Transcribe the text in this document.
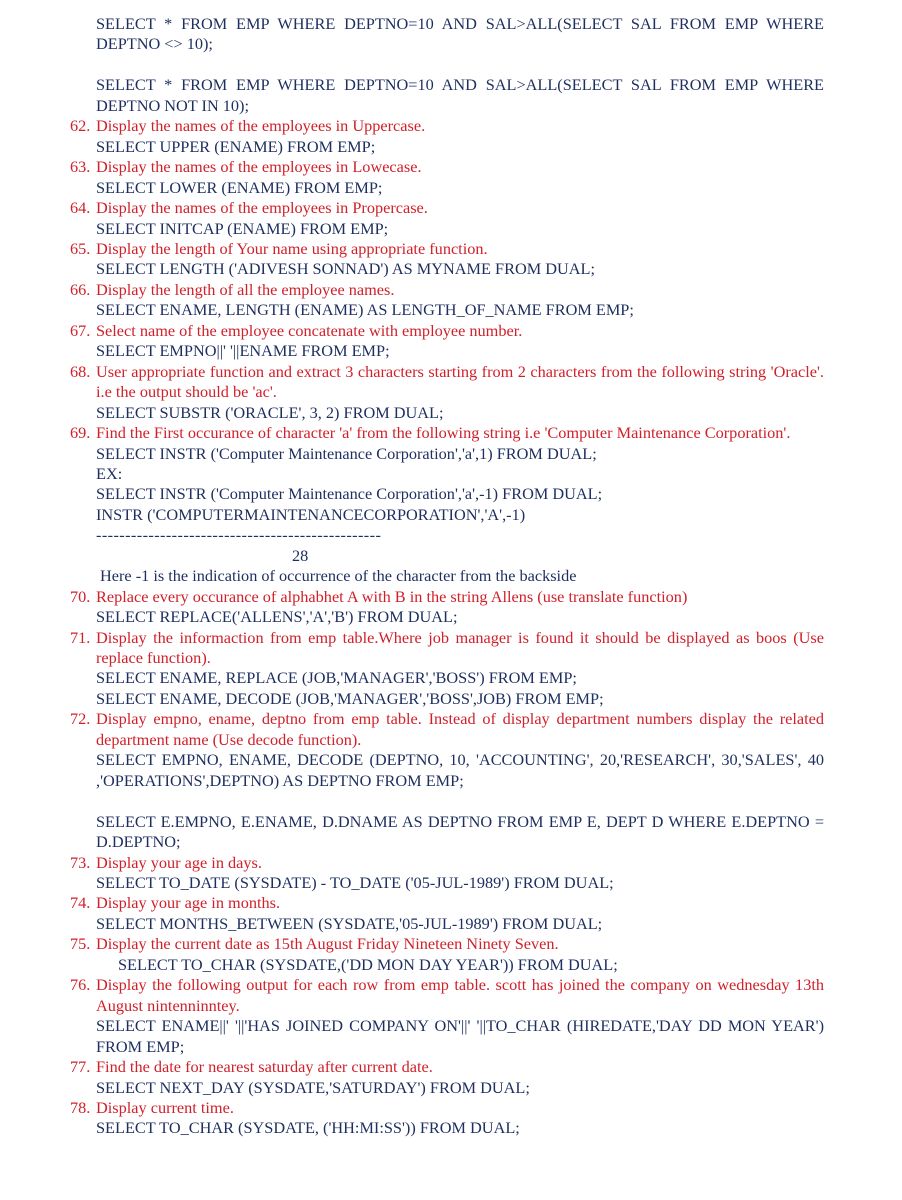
SELECT * FROM EMP WHERE DEPTNO=10 AND SAL>ALL(SELECT SAL FROM EMP WHERE DEPTNO <> 10);
SELECT * FROM EMP WHERE DEPTNO=10 AND SAL>ALL(SELECT SAL FROM EMP WHERE DEPTNO NOT IN 10);
62. Display the names of the employees in Uppercase.
SELECT UPPER (ENAME) FROM EMP;
63. Display the names of the employees in Lowecase.
SELECT LOWER (ENAME) FROM EMP;
64. Display the names of the employees in Propercase.
SELECT INITCAP (ENAME) FROM EMP;
65. Display the length of Your name using appropriate function.
SELECT LENGTH ('ADIVESH SONNAD') AS MYNAME FROM DUAL;
66. Display the length of all the employee names.
SELECT ENAME, LENGTH (ENAME) AS LENGTH_OF_NAME FROM EMP;
67. Select name of the employee concatenate with employee number.
SELECT EMPNO||' '||ENAME FROM EMP;
68. User appropriate function and extract 3 characters starting from 2 characters from the following string 'Oracle'. i.e the output should be 'ac'.
SELECT SUBSTR ('ORACLE', 3, 2) FROM DUAL;
69. Find the First occurance of character 'a' from the following string i.e 'Computer Maintenance Corporation'.
SELECT INSTR ('Computer Maintenance Corporation','a',1) FROM DUAL;
EX:
SELECT INSTR ('Computer Maintenance Corporation','a',-1) FROM DUAL;
INSTR ('COMPUTERMAINTENANCECORPORATION','A',-1)
-------------------------------------------------
28
Here -1 is the indication of occurrence of the character from the backside
70. Replace every occurance of alphabhet A with B in the string Allens (use translate function)
SELECT REPLACE('ALLENS','A','B') FROM DUAL;
71. Display the informaction from emp table.Where job manager is found it should be displayed as boos (Use replace function).
SELECT ENAME, REPLACE (JOB,'MANAGER','BOSS') FROM EMP;
SELECT ENAME, DECODE (JOB,'MANAGER','BOSS',JOB) FROM EMP;
72. Display empno, ename, deptno from emp table. Instead of display department numbers display the related department name (Use decode function).
SELECT EMPNO, ENAME, DECODE (DEPTNO, 10, 'ACCOUNTING', 20,'RESEARCH', 30,'SALES', 40 ,'OPERATIONS',DEPTNO) AS DEPTNO FROM EMP;
SELECT E.EMPNO, E.ENAME, D.DNAME AS DEPTNO FROM EMP E, DEPT D WHERE E.DEPTNO = D.DEPTNO;
73. Display your age in days.
SELECT TO_DATE (SYSDATE) - TO_DATE ('05-JUL-1989') FROM DUAL;
74. Display your age in months.
SELECT MONTHS_BETWEEN (SYSDATE,'05-JUL-1989') FROM DUAL;
75. Display the current date as 15th August Friday Nineteen Ninety Seven.
SELECT TO_CHAR (SYSDATE,('DD MON DAY YEAR')) FROM DUAL;
76. Display the following output for each row from emp table. scott has joined the company on wednesday 13th August nintenninntey.
SELECT ENAME||' '||'HAS JOINED COMPANY ON'||' '||TO_CHAR (HIREDATE,'DAY DD MON YEAR') FROM EMP;
77. Find the date for nearest saturday after current date.
SELECT NEXT_DAY (SYSDATE,'SATURDAY') FROM DUAL;
78. Display current time.
SELECT TO_CHAR (SYSDATE, ('HH:MI:SS')) FROM DUAL;
